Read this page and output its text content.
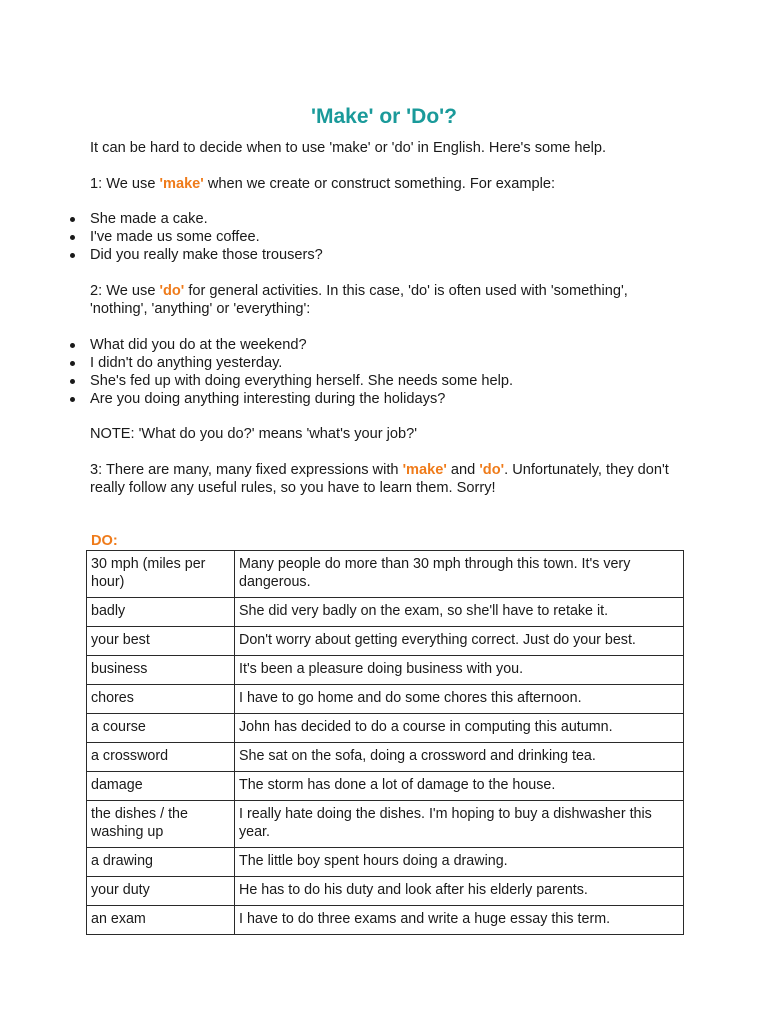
'Make' or 'Do'?

It can be hard to decide when to use 'make' or 'do' in English. Here's some help.

1: We use 'make' when we create or construct something. For example:

She made a cake.
I've made us some coffee.
Did you really make those trousers?

2: We use 'do' for general activities. In this case, 'do' is often used with 'something', 'nothing', 'anything' or 'everything':

What did you do at the weekend?
I didn't do anything yesterday.
She's fed up with doing everything herself. She needs some help.
Are you doing anything interesting during the holidays?

NOTE: 'What do you do?' means 'what's your job?'

3: There are many, many fixed expressions with 'make' and 'do'. Unfortunately, they don't really follow any useful rules, so you have to learn them. Sorry!

DO:
30 mph (miles per hour)	Many people do more than 30 mph through this town. It's very dangerous.
badly	She did very badly on the exam, so she'll have to retake it.
your best	Don't worry about getting everything correct. Just do your best.
business	It's been a pleasure doing business with you.
chores	I have to go home and do some chores this afternoon.
a course	John has decided to do a course in computing this autumn.
a crossword	She sat on the sofa, doing a crossword and drinking tea.
damage	The storm has done a lot of damage to the house.
the dishes / the washing up	I really hate doing the dishes. I'm hoping to buy a dishwasher this year.
a drawing	The little boy spent hours doing a drawing.
your duty	He has to do his duty and look after his elderly parents.
an exam	I have to do three exams and write a huge essay this term.
